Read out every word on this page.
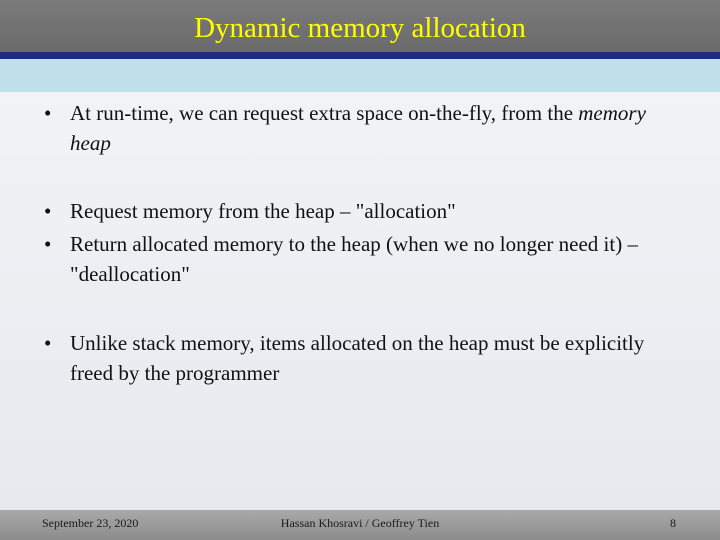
Dynamic memory allocation
• At run-time, we can request extra space on-the-fly, from the memory heap
• Request memory from the heap – "allocation"
• Return allocated memory to the heap (when we no longer need it) – "deallocation"
• Unlike stack memory, items allocated on the heap must be explicitly freed by the programmer
September 23, 2020	Hassan Khosravi / Geoffrey Tien	8
